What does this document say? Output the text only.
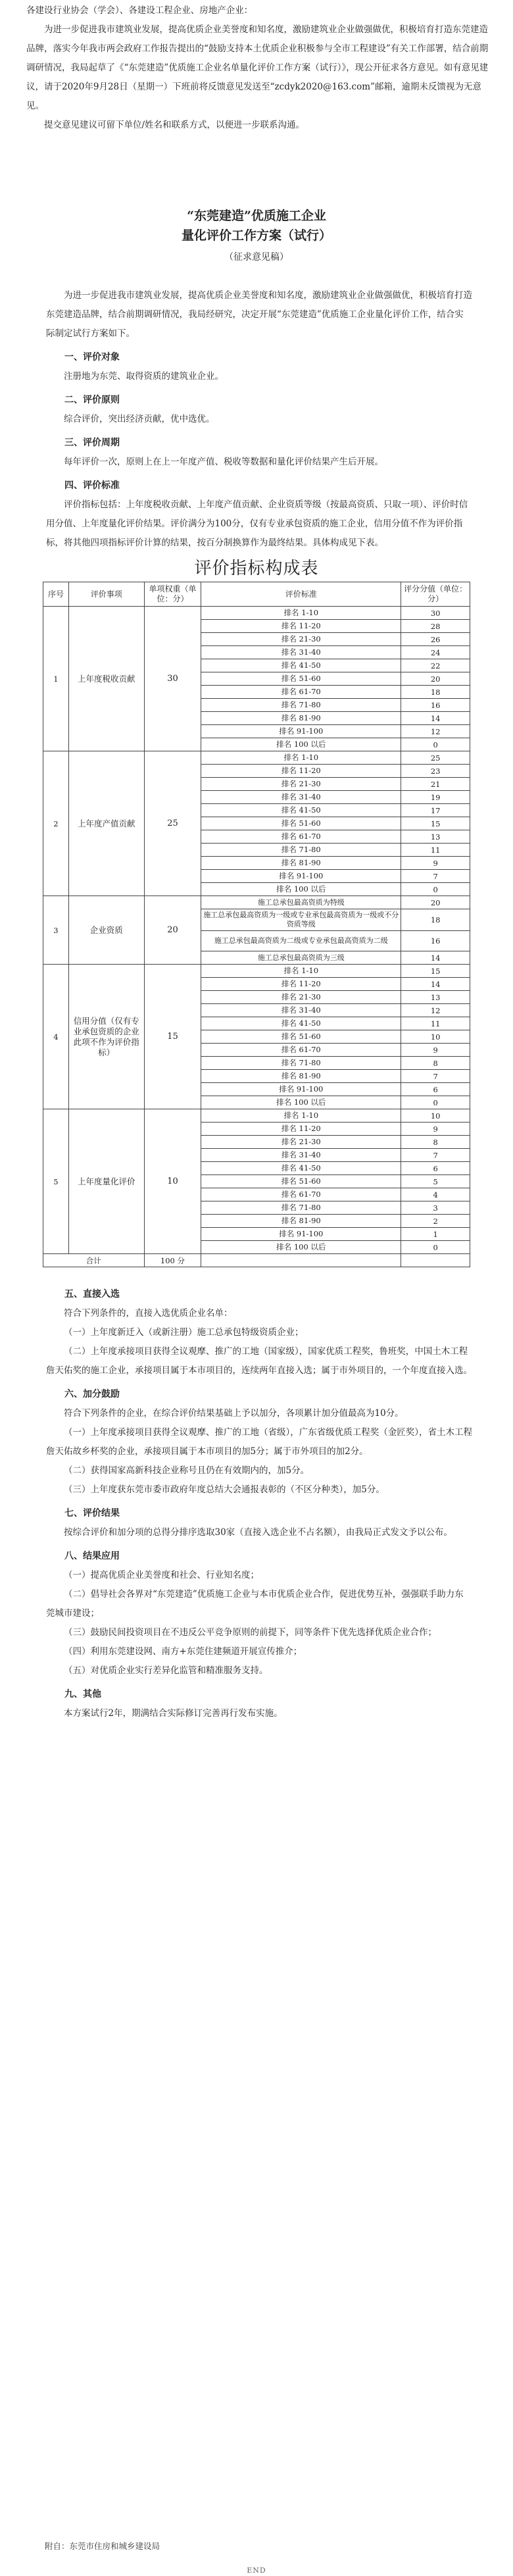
各建设行业协会（学会）、各建设工程企业、房地产企业：

为进一步促进我市建筑业发展，提高优质企业美誉度和知名度，激励建筑业企业做强做优，积极培育打造东莞建造品牌，落实今年我市两会政府工作报告提出的“鼓励支持本土优质企业积极参与全市工程建设”有关工作部署，结合前期调研情况，我局起草了《“东莞建造”优质施工企业名单量化评价工作方案（试行）》，现公开征求各方意见。如有意见建议，请于2020年9月28日（星期一）下班前将反馈意见发送至“zcdyk2020@163.com”邮箱，逾期未反馈视为无意见。

提交意见建议可留下单位/姓名和联系方式，以便进一步联系沟通。

“东莞建造”优质施工企业

量化评价工作方案（试行）

（征求意见稿）

为进一步促进我市建筑业发展，提高优质企业美誉度和知名度，激励建筑业企业做强做优，积极培育打造东莞建造品牌，结合前期调研情况，我局经研究，决定开展“东莞建造”优质施工企业量化评价工作，结合实际制定试行方案如下。

一、评价对象

注册地为东莞、取得资质的建筑业企业。

二、评价原则

综合评价，突出经济贡献，优中选优。

三、评价周期

每年评价一次，原则上在上一年度产值、税收等数据和量化评价结果产生后开展。

四、评价标准

评价指标包括：上年度税收贡献、上年度产值贡献、企业资质等级（按最高资质、只取一项）、评价时信用分值、上年度量化评价结果。评价满分为100分，仅有专业承包资质的施工企业，信用分值不作为评价指标，将其他四项指标评价计算的结果，按百分制换算作为最终结果。具体构成见下表。

评价指标构成表

序号	评价事项	单项权重（单位：分）	评价标准	评分分值（单位：分）
1	上年度税收贡献	30	排名 1-10	30
			排名 11-20	28
			排名 21-30	26
			排名 31-40	24
			排名 41-50	22
			排名 51-60	20
			排名 61-70	18
			排名 71-80	16
			排名 81-90	14
			排名 91-100	12
			排名 100 以后	0
2	上年度产值贡献	25	排名 1-10	25
			排名 11-20	23
			排名 21-30	21
			排名 31-40	19
			排名 41-50	17
			排名 51-60	15
			排名 61-70	13
			排名 71-80	11
			排名 81-90	9
			排名 91-100	7
			排名 100 以后	0
3	企业资质	20	施工总承包最高资质为特级	20
			施工总承包最高资质为一级或专业承包最高资质为一级或不分资质等级	18
			施工总承包最高资质为二级或专业承包最高资质为二级	16
			施工总承包最高资质为三级	14
4	信用分值（仅有专业承包资质的企业此项不作为评价指标）	15	排名 1-10	15
			排名 11-20	14
			排名 21-30	13
			排名 31-40	12
			排名 41-50	11
			排名 51-60	10
			排名 61-70	9
			排名 71-80	8
			排名 81-90	7
			排名 91-100	6
			排名 100 以后	0
5	上年度量化评价	10	排名 1-10	10
			排名 11-20	9
			排名 21-30	8
			排名 31-40	7
			排名 41-50	6
			排名 51-60	5
			排名 61-70	4
			排名 71-80	3
			排名 81-90	2
			排名 91-100	1
			排名 100 以后	0
合计		100 分		

五、直接入选

符合下列条件的，直接入选优质企业名单：

（一）上年度新迁入（或新注册）施工总承包特级资质企业；

（二）上年度承接项目获得全议观摩、推广的工地（国家级），国家优质工程奖，鲁班奖，中国土木工程詹天佑奖的施工企业，承接项目属于本市项目的，连续两年直接入选；属于市外项目的，一个年度直接入选。

六、加分鼓励

符合下列条件的企业，在综合评价结果基础上予以加分，各项累计加分值最高为10分。

（一）上年度承接项目获得全议观摩、推广的工地（省级），广东省级优质工程奖（金匠奖），省土木工程詹天佑故乡杯奖的企业，承接项目属于本市项目的加5分；属于市外项目的加2分。

（二）获得国家高新科技企业称号且仍在有效期内的，加5分。

（三）上年度获东莞市委市政府年度总结大会通报表彰的（不区分种类），加5分。

七、评价结果

按综合评价和加分项的总得分排序选取30家（直接入选企业不占名额），由我局正式发文予以公布。

八、结果应用

（一）提高优质企业美誉度和社会、行业知名度；

（二）倡导社会各界对“东莞建造”优质施工企业与本市优质企业合作，促进优势互补，强强联手助力东莞城市建设；

（三）鼓励民间投资项目在不违反公平竞争原则的前提下，同等条件下优先选择优质企业合作；

（四）利用东莞建设网、南方+东莞住建频道开展宣传推介；

（五）对优质企业实行差异化监管和精准服务支持。

九、其他

本方案试行2年，期满结合实际修订完善再行发布实施。

附自：东莞市住房和城乡建设局
END
